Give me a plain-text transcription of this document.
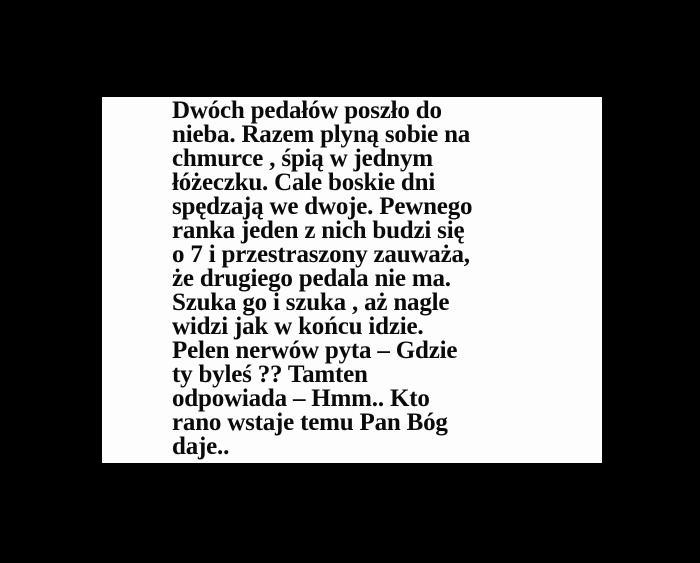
Dwóch pedałów poszło do
nieba. Razem plyną sobie na
chmurce , śpią w jednym
łóżeczku. Cale boskie dni
spędzają we dwoje. Pewnego
ranka jeden z nich budzi się
o 7 i przestraszony zauważa,
że drugiego pedala nie ma.
Szuka go i szuka , aż nagle
widzi jak w końcu idzie.
Pelen nerwów pyta – Gdzie
ty byleś ?? Tamten
odpowiada – Hmm.. Kto
rano wstaje temu Pan Bóg
daje..
